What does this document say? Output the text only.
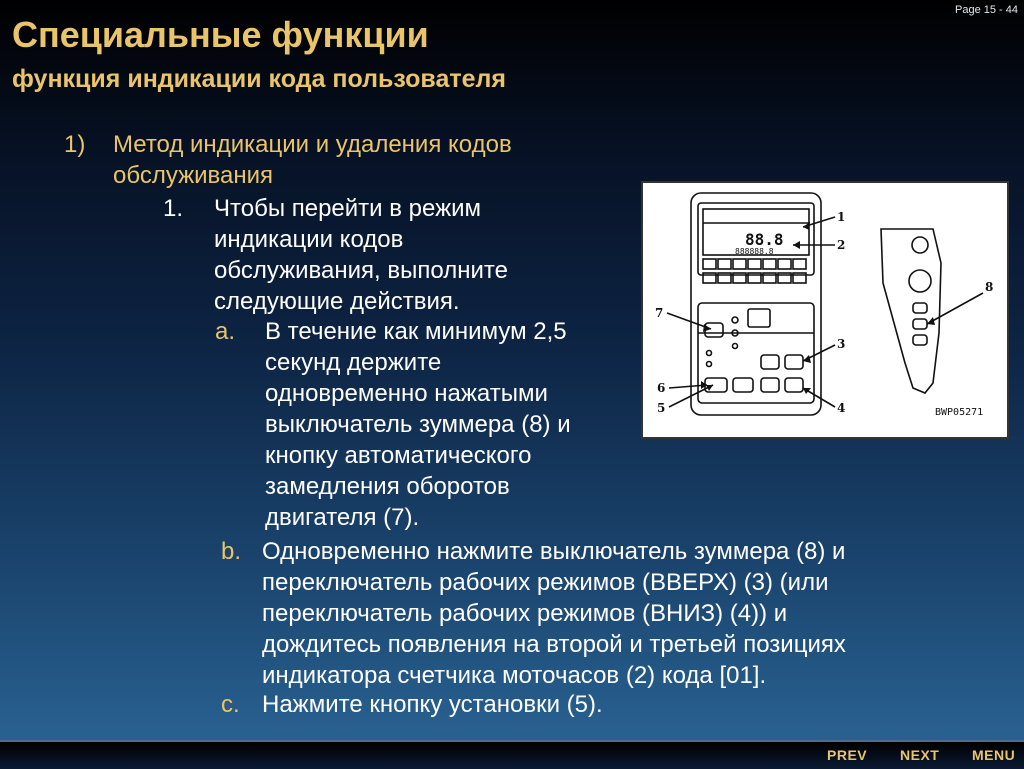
Page 15 - 44
Специальные функции
функция индикации кода пользователя
1) Метод индикации и удаления кодов
обслуживания
1. Чтобы перейти в режим
индикации кодов
обслуживания, выполните
следующие действия.
a. В течение как минимум 2,5
секунд держите
одновременно нажатыми
выключатель зуммера (8) и
кнопку автоматического
замедления оборотов
двигателя (7).
b. Одновременно нажмите выключатель зуммера (8) и
переключатель рабочих режимов (ВВЕРХ) (3) (или
переключатель рабочих режимов (ВНИЗ) (4)) и
дождитесь появления на второй и третьей позициях
индикатора счетчика моточасов (2) кода [01].
c. Нажмите кнопку установки (5).
88.8
888888.8
1
2
3
4
5
6
7
8
BWP05271
PREV NEXT MENU
